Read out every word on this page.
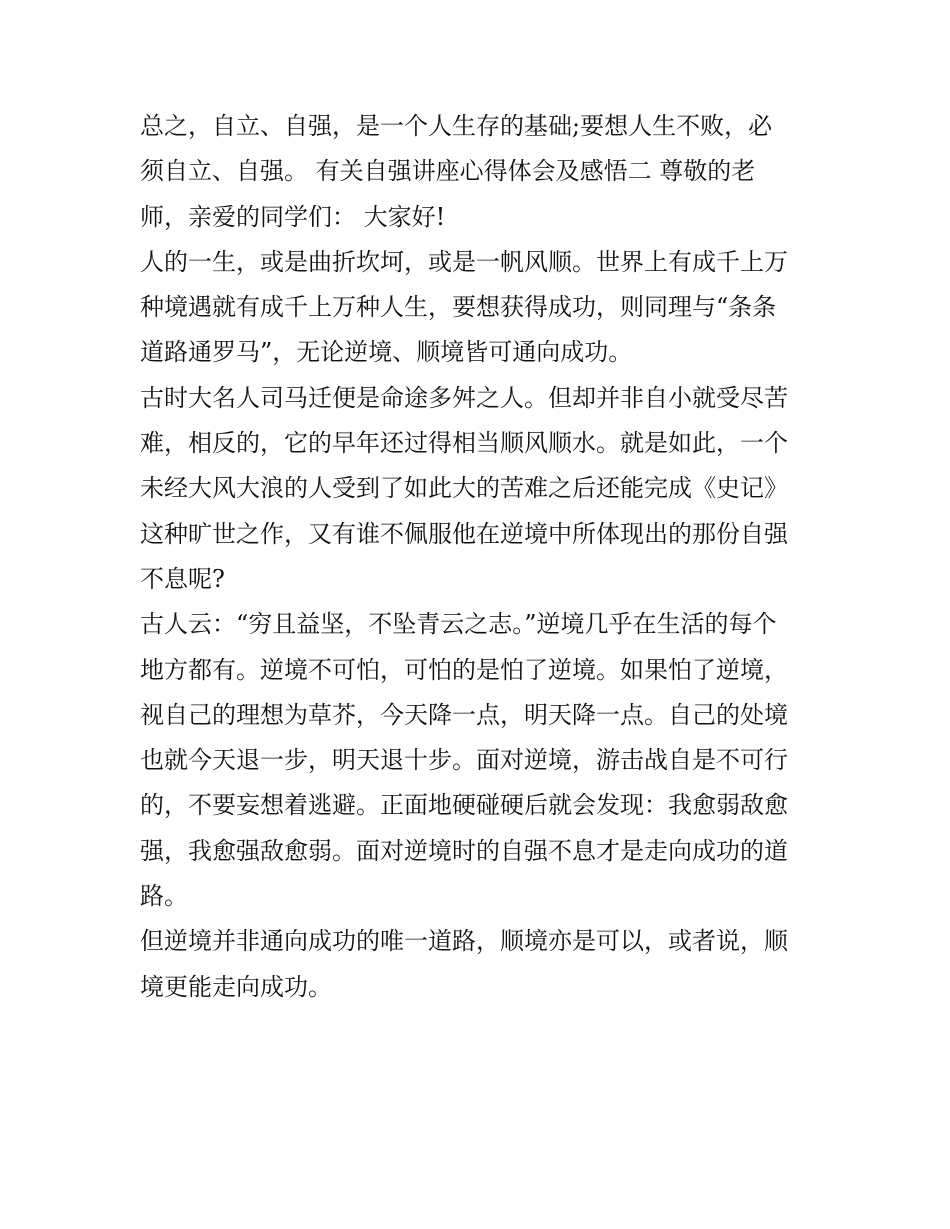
总之，自立、自强，是一个人生存的基础;要想人生不败，必
须自立、自强。 有关自强讲座心得体会及感悟二 尊敬的老
师，亲爱的同学们： 大家好!
人的一生，或是曲折坎坷，或是一帆风顺。世界上有成千上万
种境遇就有成千上万种人生，要想获得成功，则同理与“条条
道路通罗马”，无论逆境、顺境皆可通向成功。
古时大名人司马迁便是命途多舛之人。但却并非自小就受尽苦
难，相反的，它的早年还过得相当顺风顺水。就是如此，一个
未经大风大浪的人受到了如此大的苦难之后还能完成《史记》
这种旷世之作，又有谁不佩服他在逆境中所体现出的那份自强
不息呢?
古人云：“穷且益坚，不坠青云之志。”逆境几乎在生活的每个
地方都有。逆境不可怕，可怕的是怕了逆境。如果怕了逆境，
视自己的理想为草芥，今天降一点，明天降一点。自己的处境
也就今天退一步，明天退十步。面对逆境，游击战自是不可行
的，不要妄想着逃避。正面地硬碰硬后就会发现：我愈弱敌愈
强，我愈强敌愈弱。面对逆境时的自强不息才是走向成功的道
路。
但逆境并非通向成功的唯一道路，顺境亦是可以，或者说，顺
境更能走向成功。
